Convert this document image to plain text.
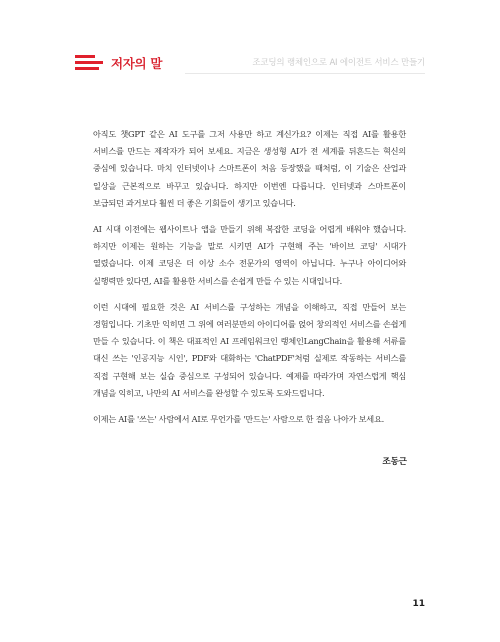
저자의 말	조코딩의 랭체인으로 AI 에이전트 서비스 만들기

아직도 챗GPT 같은 AI 도구를 그저 사용만 하고 계신가요? 이제는 직접 AI를 활용한 서비스를 만드는 제작자가 되어 보세요. 지금은 생성형 AI가 전 세계를 뒤흔드는 혁신의 중심에 있습니다. 마치 인터넷이나 스마트폰이 처음 등장했을 때처럼, 이 기술은 산업과 일상을 근본적으로 바꾸고 있습니다. 하지만 이번엔 다릅니다. 인터넷과 스마트폰이 보급되던 과거보다 훨씬 더 좋은 기회들이 생기고 있습니다.

AI 시대 이전에는 웹사이트나 앱을 만들기 위해 복잡한 코딩을 어렵게 배워야 했습니다. 하지만 이제는 원하는 기능을 말로 시키면 AI가 구현해 주는 '바이브 코딩' 시대가 열렸습니다. 이제 코딩은 더 이상 소수 전문가의 영역이 아닙니다. 누구나 아이디어와 실행력만 있다면, AI를 활용한 서비스를 손쉽게 만들 수 있는 시대입니다.

이런 시대에 필요한 것은 AI 서비스를 구성하는 개념을 이해하고, 직접 만들어 보는 경험입니다. 기초만 익히면 그 위에 여러분만의 아이디어를 얹어 창의적인 서비스를 손쉽게 만들 수 있습니다. 이 책은 대표적인 AI 프레임워크인 랭체인LangChain을 활용해 서류를 대신 쓰는 '인공지능 시인', PDF와 대화하는 'ChatPDF'처럼 실제로 작동하는 서비스를 직접 구현해 보는 실습 중심으로 구성되어 있습니다. 예제를 따라가며 자연스럽게 핵심 개념을 익히고, 나만의 AI 서비스를 완성할 수 있도록 도와드립니다.

이제는 AI를 '쓰는' 사람에서 AI로 무언가를 '만드는' 사람으로 한 걸음 나아가 보세요.

조동근
11
